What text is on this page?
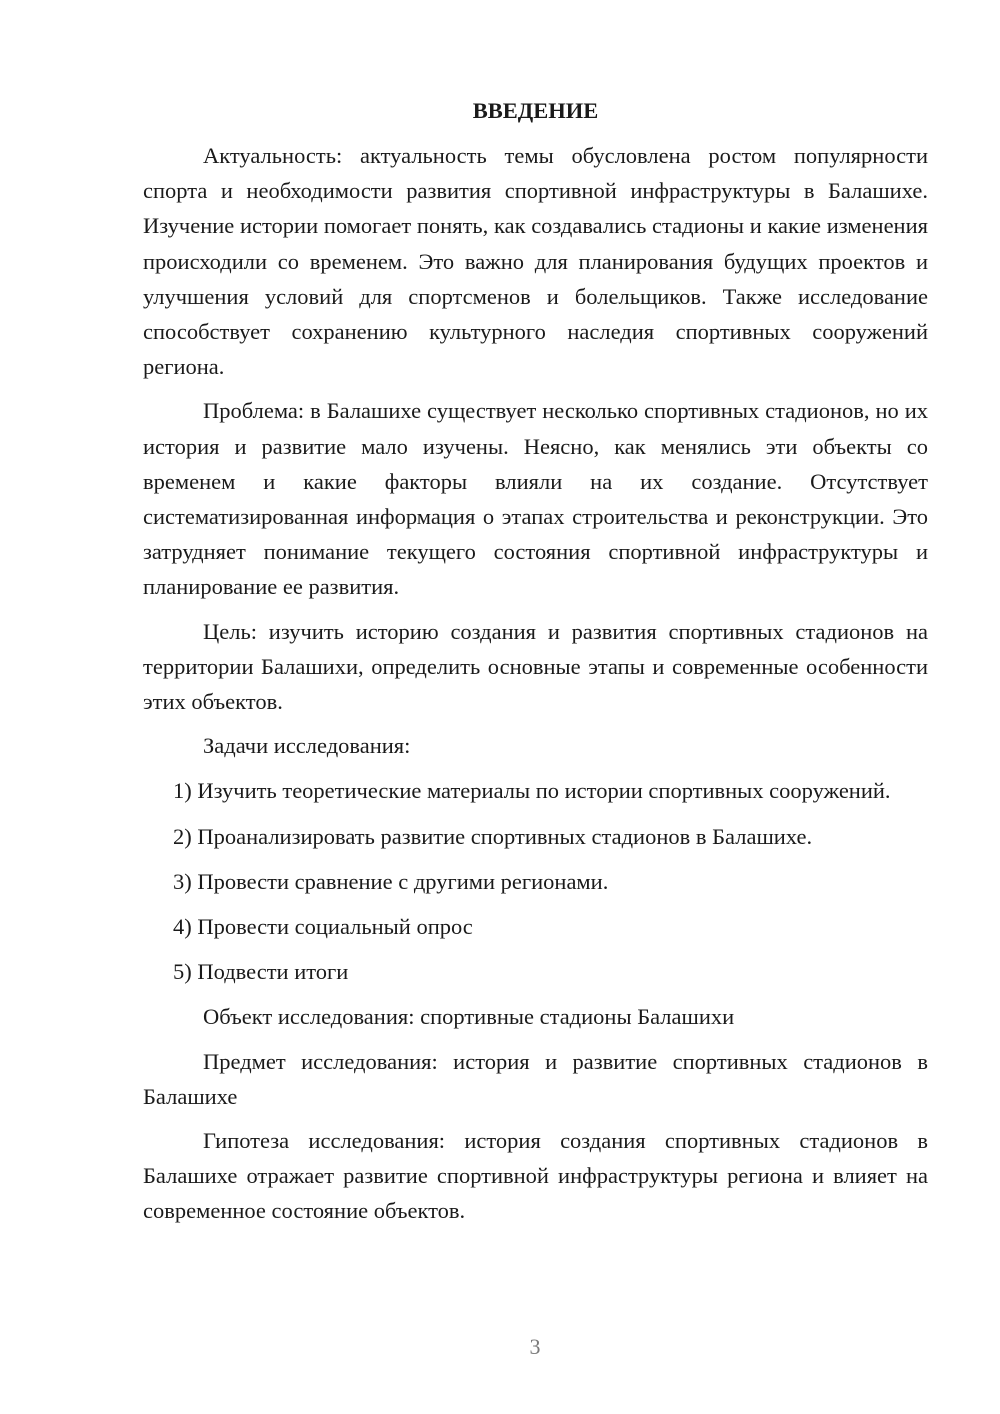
ВВЕДЕНИЕ

Актуальность: актуальность темы обусловлена ростом популярности спорта и необходимости развития спортивной инфраструктуры в Балашихе. Изучение истории помогает понять, как создавались стадионы и какие изменения происходили со временем. Это важно для планирования будущих проектов и улучшения условий для спортсменов и болельщиков. Также исследование способствует сохранению культурного наследия спортивных сооружений региона.

Проблема: в Балашихе существует несколько спортивных стадионов, но их история и развитие мало изучены. Неясно, как менялись эти объекты со временем и какие факторы влияли на их создание. Отсутствует систематизированная информация о этапах строительства и реконструкции. Это затрудняет понимание текущего состояния спортивной инфраструктуры и планирование ее развития.

Цель: изучить историю создания и развития спортивных стадионов на территории Балашихи, определить основные этапы и современные особенности этих объектов.

Задачи исследования:

1) Изучить теоретические материалы по истории спортивных сооружений.

2) Проанализировать развитие спортивных стадионов в Балашихе.

3) Провести сравнение с другими регионами.

4) Провести социальный опрос

5) Подвести итоги

Объект исследования: спортивные стадионы Балашихи

Предмет исследования: история и развитие спортивных стадионов в Балашихе

Гипотеза исследования: история создания спортивных стадионов в Балашихе отражает развитие спортивной инфраструктуры региона и влияет на современное состояние объектов.

3
